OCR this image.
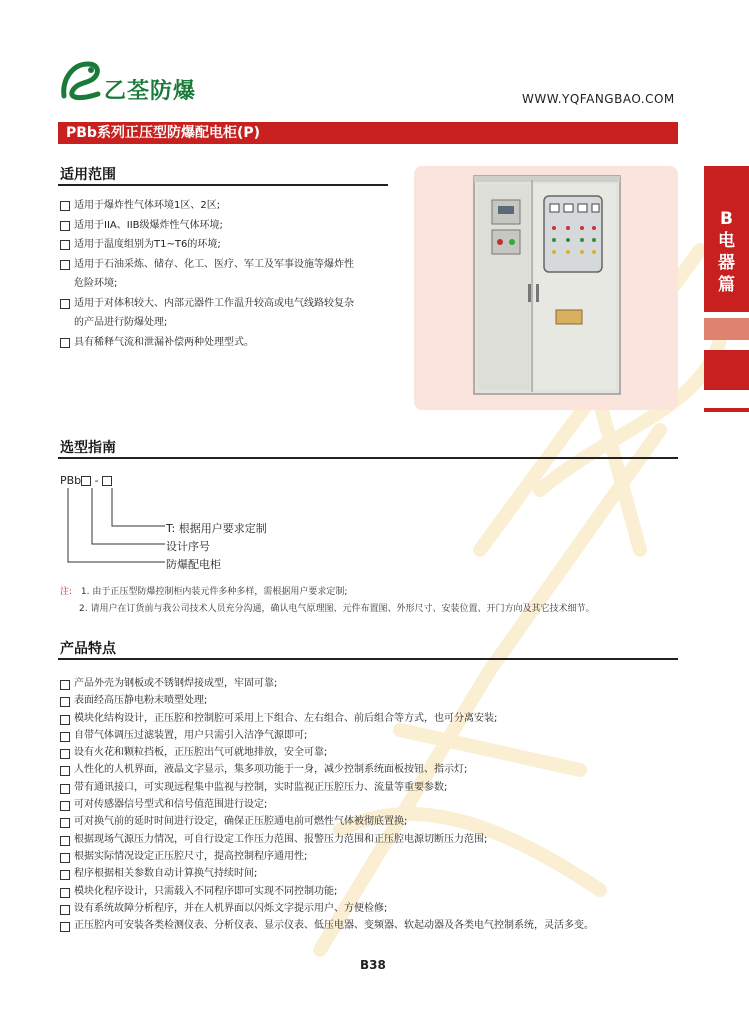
乙荃防爆	WWW.YQFANGBAO.COM
PBb系列正压型防爆配电柜(P)
B
电
器
篇
适用范围
适用于爆炸性气体环境1区、2区;
适用于IIA、IIB级爆炸性气体环境;
适用于温度组别为T1~T6的环境;
适用于石油采炼、储存、化工、医疗、军工及军事设施等爆炸性
危险环境;
适用于对体积较大、内部元器件工作温升较高或电气线路较复杂
的产品进行防爆处理;
具有稀释气流和泄漏补偿两种处理型式。
选型指南
PBb -
T: 根据用户要求定制
设计序号
防爆配电柜
注: 1. 由于正压型防爆控制柜内装元件多种多样，需根据用户要求定制;
2. 请用户在订货前与我公司技术人员充分沟通，确认电气原理图、元件布置图、外形尺寸、安装位置、开门方向及其它技术细节。
产品特点
产品外壳为钢板或不锈钢焊接成型，牢固可靠;
表面经高压静电粉末喷塑处理;
模块化结构设计，正压腔和控制腔可采用上下组合、左右组合、前后组合等方式，也可分离安装;
自带气体调压过滤装置，用户只需引入洁净气源即可;
设有火花和颗粒挡板，正压腔出气可就地排放，安全可靠;
人性化的人机界面，液晶文字显示，集多项功能于一身，减少控制系统面板按钮、指示灯;
带有通讯接口，可实现远程集中监视与控制，实时监视正压腔压力、流量等重要参数;
可对传感器信号型式和信号值范围进行设定;
可对换气前的延时时间进行设定，确保正压腔通电前可燃性气体被彻底置换;
根据现场气源压力情况，可自行设定工作压力范围、报警压力范围和正压腔电源切断压力范围;
根据实际情况设定正压腔尺寸，提高控制程序通用性;
程序根据相关参数自动计算换气持续时间;
模块化程序设计，只需载入不同程序即可实现不同控制功能;
设有系统故障分析程序，并在人机界面以闪烁文字提示用户、方便检修;
正压腔内可安装各类检测仪表、分析仪表、显示仪表、低压电器、变频器、软起动器及各类电气控制系统，灵活多变。
B38
